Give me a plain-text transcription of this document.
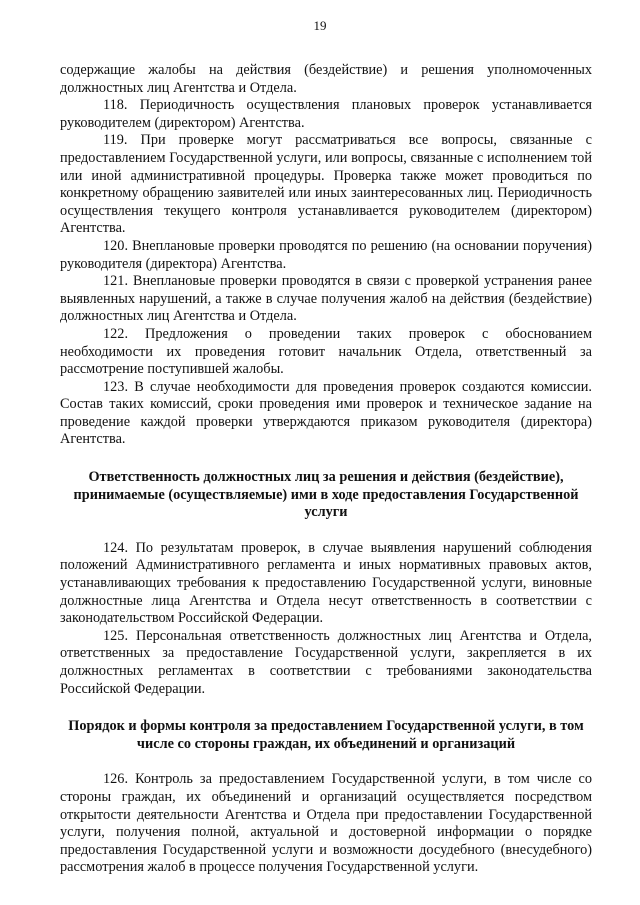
19

содержащие жалобы на действия (бездействие) и решения уполномоченных должностных лиц Агентства и Отдела.

118. Периодичность осуществления плановых проверок устанавливается руководителем (директором) Агентства.

119. При проверке могут рассматриваться все вопросы, связанные с предоставлением Государственной услуги, или вопросы, связанные с исполнением той или иной административной процедуры. Проверка также может проводиться по конкретному обращению заявителей или иных заинтересованных лиц. Периодичность осуществления текущего контроля устанавливается руководителем (директором) Агентства.

120. Внеплановые проверки проводятся по решению (на основании поручения) руководителя (директора) Агентства.

121. Внеплановые проверки проводятся в связи с проверкой устранения ранее выявленных нарушений, а также в случае получения жалоб на действия (бездействие) должностных лиц Агентства и Отдела.

122. Предложения о проведении таких проверок с обоснованием необходимости их проведения готовит начальник Отдела, ответственный за рассмотрение поступившей жалобы.

123. В случае необходимости для проведения проверок создаются комиссии. Состав таких комиссий, сроки проведения ими проверок и техническое задание на проведение каждой проверки утверждаются приказом руководителя (директора) Агентства.

Ответственность должностных лиц за решения и действия (бездействие), принимаемые (осуществляемые) ими в ходе предоставления Государственной услуги

124. По результатам проверок, в случае выявления нарушений соблюдения положений Административного регламента и иных нормативных правовых актов, устанавливающих требования к предоставлению Государственной услуги, виновные должностные лица Агентства и Отдела несут ответственность в соответствии с законодательством Российской Федерации.

125. Персональная ответственность должностных лиц Агентства и Отдела, ответственных за предоставление Государственной услуги, закрепляется в их должностных регламентах в соответствии с требованиями законодательства Российской Федерации.

Порядок и формы контроля за предоставлением Государственной услуги, в том числе со стороны граждан, их объединений и организаций

126. Контроль за предоставлением Государственной услуги, в том числе со стороны граждан, их объединений и организаций осуществляется посредством открытости деятельности Агентства и Отдела при предоставлении Государственной услуги, получения полной, актуальной и достоверной информации о порядке предоставления Государственной услуги и возможности досудебного (внесудебного) рассмотрения жалоб в процессе получения Государственной услуги.
